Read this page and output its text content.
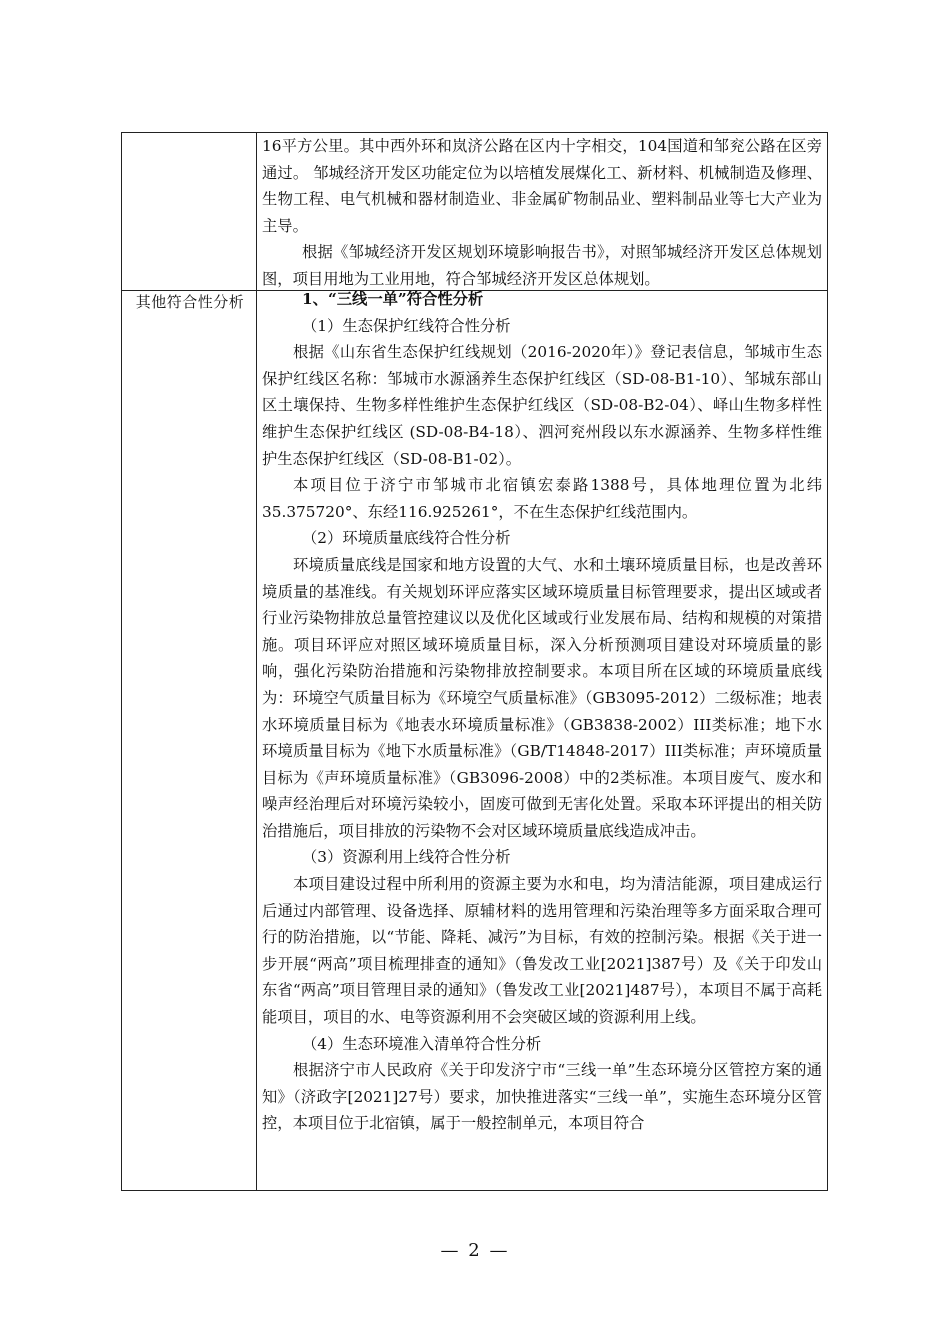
16平方公里。其中西外环和岚济公路在区内十字相交，104国道和邹兖公路在区旁通过。 邹城经济开发区功能定位为以培植发展煤化工、新材料、机械制造及修理、生物工程、电气机械和器材制造业、非金属矿物制品业、塑料制品业等七大产业为主导。

根据《邹城经济开发区规划环境影响报告书》，对照邹城经济开发区总体规划图，项目用地为工业用地，符合邹城经济开发区总体规划。

其他符合性分析	1、“三线一单”符合性分析

（1）生态保护红线符合性分析

根据《山东省生态保护红线规划（2016-2020年）》登记表信息，邹城市生态保护红线区名称：邹城市水源涵养生态保护红线区（SD-08-B1-10）、邹城东部山区土壤保持、生物多样性维护生态保护红线区（SD-08-B2-04）、峄山生物多样性维护生态保护红线区 (SD-08-B4-18）、泗河兖州段以东水源涵养、生物多样性维护生态保护红线区（SD-08-B1-02）。

本项目位于济宁市邹城市北宿镇宏泰路1388号，具体地理位置为北纬35.375720°、东经116.925261°，不在生态保护红线范围内。

（2）环境质量底线符合性分析

环境质量底线是国家和地方设置的大气、水和土壤环境质量目标，也是改善环境质量的基准线。有关规划环评应落实区域环境质量目标管理要求，提出区域或者行业污染物排放总量管控建议以及优化区域或行业发展布局、结构和规模的对策措施。项目环评应对照区域环境质量目标，深入分析预测项目建设对环境质量的影响，强化污染防治措施和污染物排放控制要求。本项目所在区域的环境质量底线为：环境空气质量目标为《环境空气质量标准》（GB3095-2012）二级标准；地表水环境质量目标为《地表水环境质量标准》（GB3838-2002）III类标准；地下水环境质量目标为《地下水质量标准》（GB/T14848-2017）III类标准；声环境质量目标为《声环境质量标准》（GB3096-2008）中的2类标准。本项目废气、废水和噪声经治理后对环境污染较小，固废可做到无害化处置。采取本环评提出的相关防治措施后，项目排放的污染物不会对区域环境质量底线造成冲击。

（3）资源利用上线符合性分析

本项目建设过程中所利用的资源主要为水和电，均为清洁能源，项目建成运行后通过内部管理、设备选择、原辅材料的选用管理和污染治理等多方面采取合理可行的防治措施，以“节能、降耗、减污”为目标，有效的控制污染。根据《关于进一步开展“两高”项目梳理排查的通知》（鲁发改工业[2021]387号）及《关于印发山东省“两高”项目管理目录的通知》（鲁发改工业[2021]487号），本项目不属于高耗能项目，项目的水、电等资源利用不会突破区域的资源利用上线。

（4）生态环境准入清单符合性分析

根据济宁市人民政府《关于印发济宁市“三线一单”生态环境分区管控方案的通知》（济政字[2021]27号）要求，加快推进落实“三线一单”，实施生态环境分区管控，本项目位于北宿镇，属于一般控制单元，本项目符合

— 2 —
